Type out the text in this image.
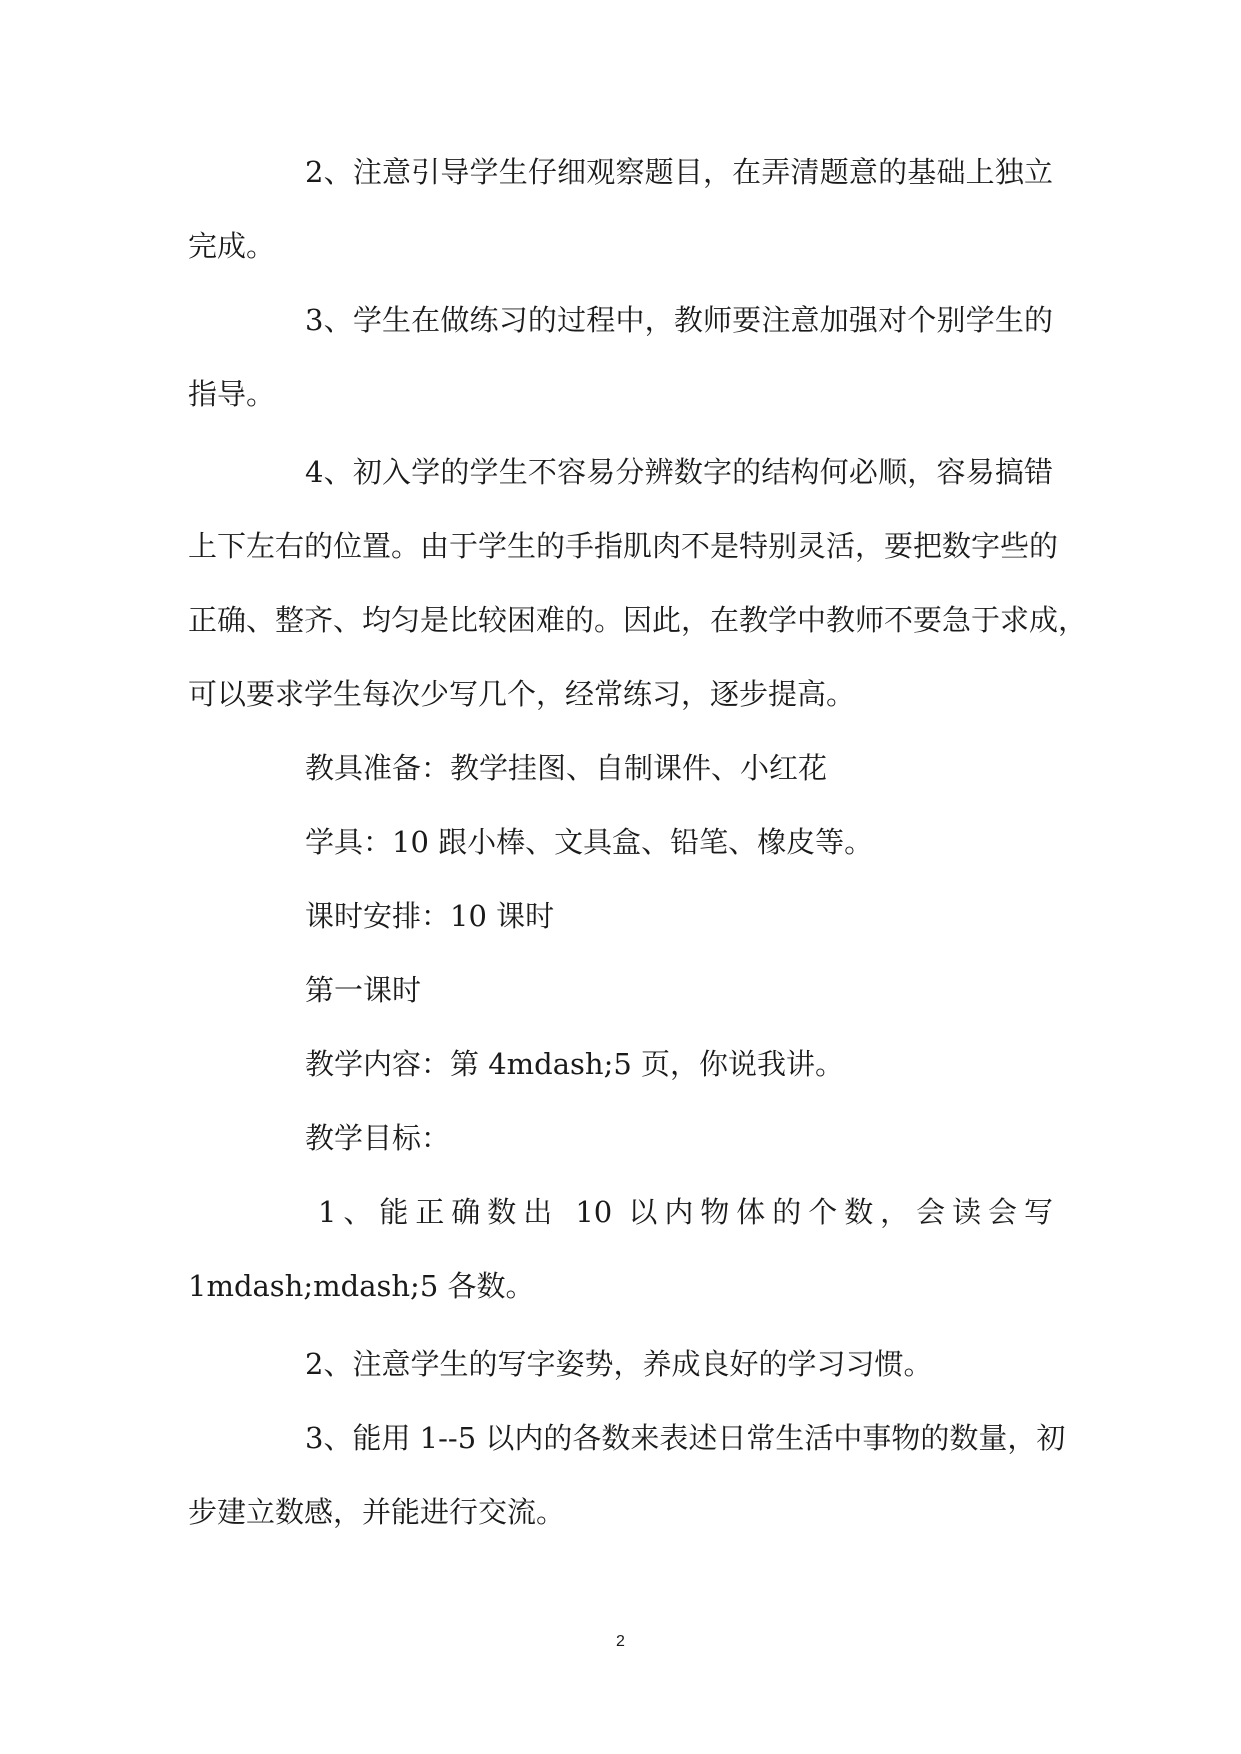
2、注意引导学生仔细观察题目，在弄清题意的基础上独立
完成。
3、学生在做练习的过程中，教师要注意加强对个别学生的
指导。
4、初入学的学生不容易分辨数字的结构何必顺，容易搞错
上下左右的位置。由于学生的手指肌肉不是特别灵活，要把数字些的
正确、整齐、均匀是比较困难的。因此，在教学中教师不要急于求成，
可以要求学生每次少写几个，经常练习，逐步提高。
教具准备：教学挂图、自制课件、小红花
学具：10 跟小棒、文具盒、铅笔、橡皮等。
课时安排：10 课时
第一课时
教学内容：第 4mdash;5 页，你说我讲。
教学目标：
1、能正确数出 10 以内物体的个数，会读会写
1mdash;mdash;5 各数。
2、注意学生的写字姿势，养成良好的学习习惯。
3、能用 1--5 以内的各数来表述日常生活中事物的数量，初
步建立数感，并能进行交流。
2
